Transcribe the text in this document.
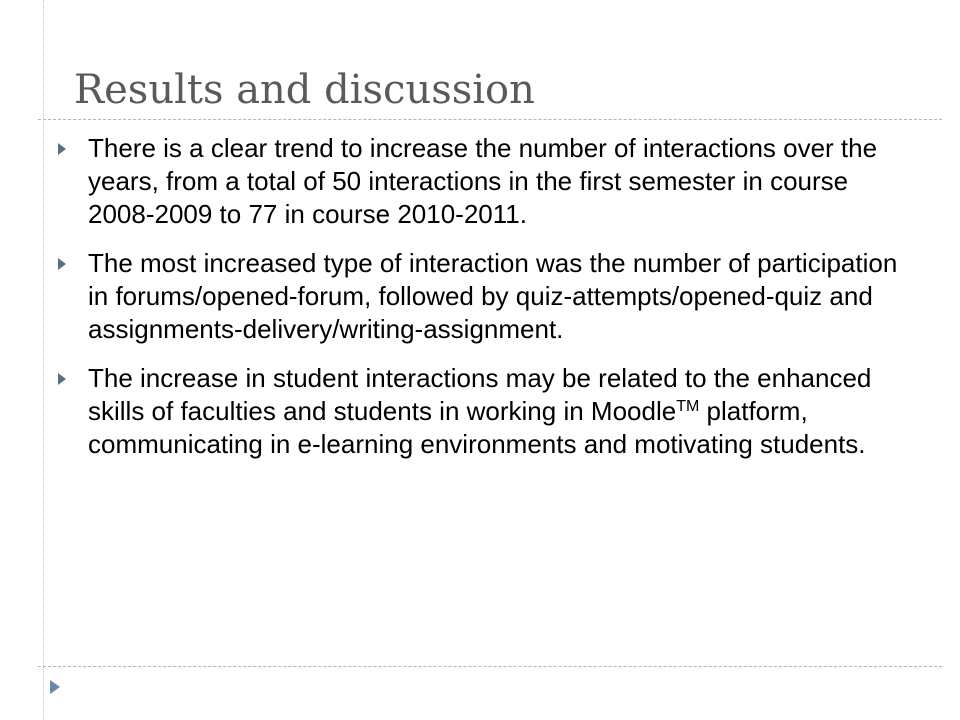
Results and discussion
There is a clear trend to increase the number of interactions over the years, from a total of 50 interactions in the first semester in course 2008-2009 to 77 in course 2010-2011.
The most increased type of interaction was the number of participation in forums/opened-forum, followed by quiz-attempts/opened-quiz and assignments-delivery/writing-assignment.
The increase in student interactions may be related to the enhanced skills of faculties and students in working in Moodle™ platform, communicating in e-learning environments and motivating students.
